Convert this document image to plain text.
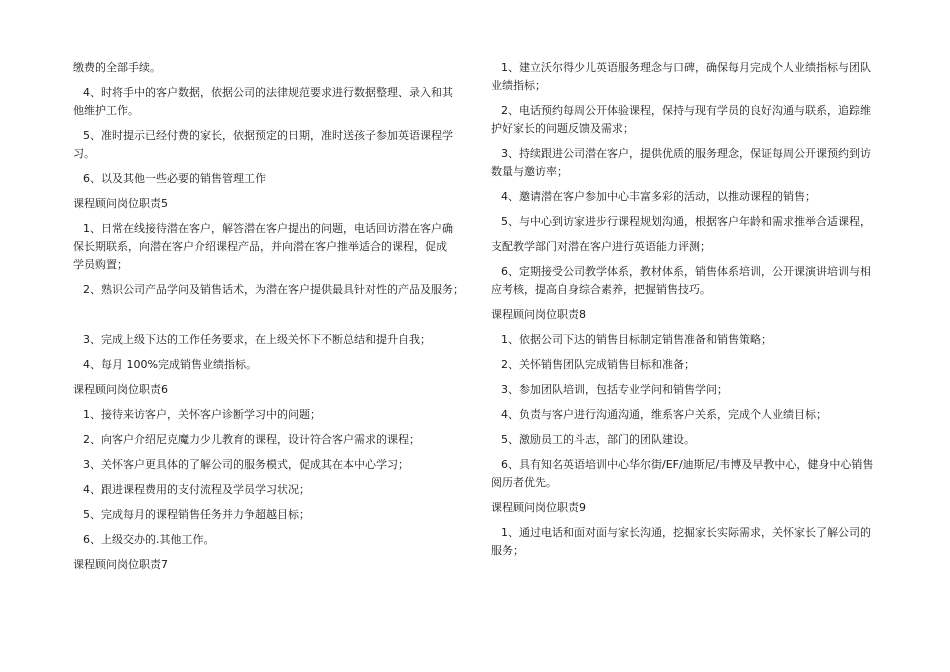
缴费的全部手续。
4、时将手中的客户数据，依据公司的法律规范要求进行数据整理、录入和其
他维护工作。
5、准时提示已经付费的家长，依据预定的日期，准时送孩子参加英语课程学
习。
6、以及其他一些必要的销售管理工作
课程顾问岗位职责5
1、日常在线接待潜在客户，解答潜在客户提出的问题，电话回访潜在客户确
保长期联系，向潜在客户介绍课程产品，并向潜在客户推举适合的课程，促成
学员购置；
2、熟识公司产品学问及销售话术，为潜在客户提供最具针对性的产品及服务；
3、完成上级下达的工作任务要求，在上级关怀下不断总结和提升自我；
4、每月 100%完成销售业绩指标。
课程顾问岗位职责6
1、接待来访客户，关怀客户诊断学习中的问题；
2、向客户介绍尼克魔力少儿教育的课程，设计符合客户需求的课程；
3、关怀客户更具体的了解公司的服务模式，促成其在本中心学习；
4、跟进课程费用的支付流程及学员学习状况；
5、完成每月的课程销售任务并力争超越目标；
6、上级交办的.其他工作。
课程顾问岗位职责7
1、建立沃尔得少儿英语服务理念与口碑，确保每月完成个人业绩指标与团队
业绩指标；
2、电话预约每周公开体验课程，保持与现有学员的良好沟通与联系，追踪维
护好家长的问题反馈及需求；
3、持续跟进公司潜在客户，提供优质的服务理念，保证每周公开课预约到访
数量与邀访率；
4、邀请潜在客户参加中心丰富多彩的活动，以推动课程的销售；
5、与中心到访家进步行课程规划沟通，根据客户年龄和需求推举合适课程，
支配教学部门对潜在客户进行英语能力评测；
6、定期接受公司教学体系，教材体系，销售体系培训，公开课演讲培训与相
应考核，提高自身综合素养，把握销售技巧。
课程顾问岗位职责8
1、依据公司下达的销售目标制定销售准备和销售策略；
2、关怀销售团队完成销售目标和准备；
3、参加团队培训，包括专业学问和销售学问；
4、负责与客户进行沟通沟通，维系客户关系，完成个人业绩目标；
5、激励员工的斗志，部门的团队建设。
6、具有知名英语培训中心华尔街/EF/迪斯尼/韦博及早教中心，健身中心销售
阅历者优先。
课程顾问岗位职责9
1、通过电话和面对面与家长沟通，挖掘家长实际需求，关怀家长了解公司的
服务；
